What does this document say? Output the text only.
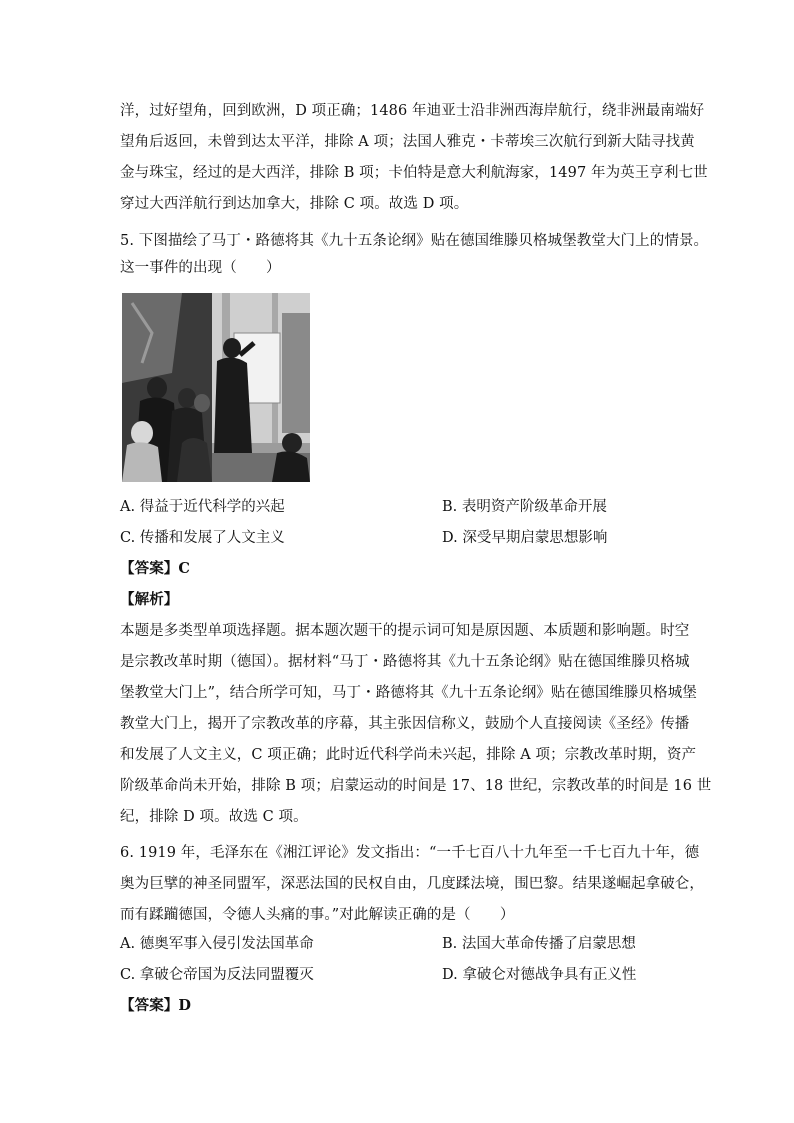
洋，过好望角，回到欧洲，D 项正确；1486 年迪亚士沿非洲西海岸航行，绕非洲最南端好
望角后返回，未曾到达太平洋，排除 A 项；法国人雅克・卡蒂埃三次航行到新大陆寻找黄
金与珠宝，经过的是大西洋，排除 B 项；卡伯特是意大利航海家，1497 年为英王亨利七世
穿过大西洋航行到达加拿大，排除 C 项。故选 D 项。
5. 下图描绘了马丁・路德将其《九十五条论纲》贴在德国维滕贝格城堡教堂大门上的情景。
这一事件的出现（　　）
A. 得益于近代科学的兴起	B. 表明资产阶级革命开展
C. 传播和发展了人文主义	D. 深受早期启蒙思想影响
【答案】C
【解析】
本题是多类型单项选择题。据本题次题干的提示词可知是原因题、本质题和影响题。时空
是宗教改革时期（德国）。据材料“马丁・路德将其《九十五条论纲》贴在德国维滕贝格城
堡教堂大门上”，结合所学可知，马丁・路德将其《九十五条论纲》贴在德国维滕贝格城堡
教堂大门上，揭开了宗教改革的序幕，其主张因信称义，鼓励个人直接阅读《圣经》传播
和发展了人文主义，C 项正确；此时近代科学尚未兴起，排除 A 项；宗教改革时期，资产
阶级革命尚未开始，排除 B 项；启蒙运动的时间是 17、18 世纪，宗教改革的时间是 16 世
纪，排除 D 项。故选 C 项。
6. 1919 年，毛泽东在《湘江评论》发文指出：“一千七百八十九年至一千七百九十年，德
奥为巨擘的神圣同盟军，深恶法国的民权自由，几度蹂法境，围巴黎。结果遂崛起拿破仑，
而有蹂躏德国，令德人头痛的事。”对此解读正确的是（　　）
A. 德奥军事入侵引发法国革命	B. 法国大革命传播了启蒙思想
C. 拿破仑帝国为反法同盟覆灭	D. 拿破仑对德战争具有正义性
【答案】D
